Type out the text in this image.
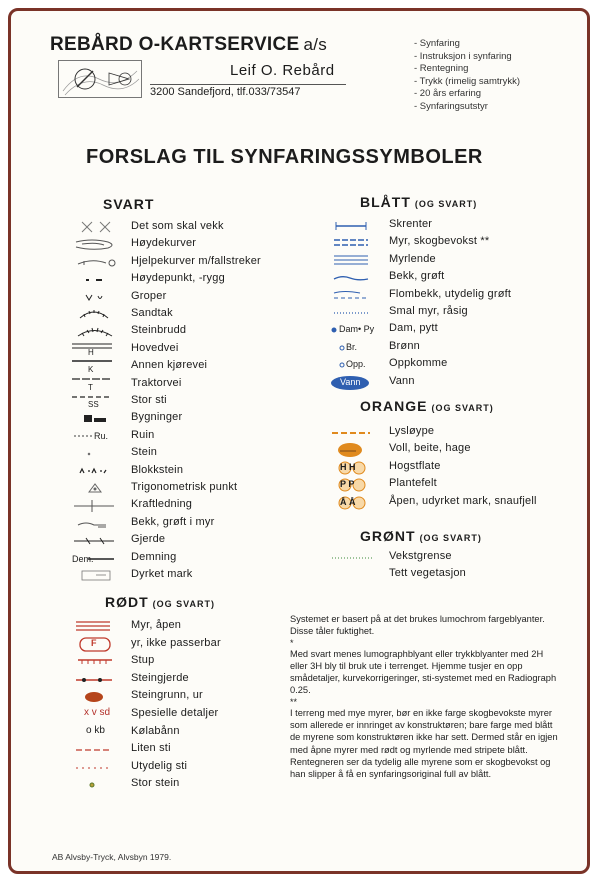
REBÅRD O-KARTSERVICE a/s
Leif O. Rebård
3200 Sandefjord, tlf.033/73547
- Synfaring
- Instruksjon i synfaring
- Rentegning
- Trykk (rimelig samtrykk)
- 20 års erfaring
- Synfaringsutstyr
FORSLAG TIL SYNFARINGSSYMBOLER
SVART	BLÅTT (OG SVART)
ORANGE (OG SVART)
GRØNT (OG SVART)
RØDT (OG SVART)
Det som skal vekk
Høydekurver
Hjelpekurver m/fallstreker
Høydepunkt, -rygg
Groper
Sandtak
Steinbrudd
H	Hovedvei
K	Annen kjørevei
T	Traktorvei
SS	Stor sti
Bygninger
Ru. Ruin
Stein
Blokkstein
Trigonometrisk punkt
Kraftledning
Bekk, grøft i myr
Gjerde
Dem.	Demning
Dyrket mark
Skrenter
Myr, skogbevokst **
Myrlende
Bekk, grøft
Flombekk, utydelig grøft
Smal myr, råsig
Dam• Py Dam, pytt
Br.	Brønn
Opp. Oppkomme
Vann	Vann
Lysløype
Voll, beite, hage
H H	Hogstflate
P P	Plantefelt
Å Å	Åpen, udyrket mark, snaufjell
Vekstgrense
Tett vegetasjon
Myr, åpen
F	yr, ikke passerbar
Stup
Steingjerde
Steingrunn, ur
x v sd Spesielle detaljer
o kb Kølabånn
Liten sti
Utydelig sti
Stor stein

Systemet er basert på at det brukes lumochrom fargeblyanter. Disse tåler fuktighet.

*

Med svart menes lumographblyant eller trykkblyanter med 2H eller 3H bly til bruk ute i terrenget. Hjemme tusjer en opp smådetaljer, kurvekorrigeringer, sti-systemet med en Radiograph 0.25.

**

I terreng med mye myrer, bør en ikke farge skogbevokste myrer som allerede er innringet av konstruktøren; bare farge med blått de myrene som konstruktøren ikke har sett. Dermed står en igjen med åpne myrer med rødt og myrlende med stripete blått. Rentegneren ser da tydelig alle myrene som er skogbevokst og han slipper å få en synfaringsoriginal full av blått.

AB Alvsby-Tryck, Alvsbyn 1979.
